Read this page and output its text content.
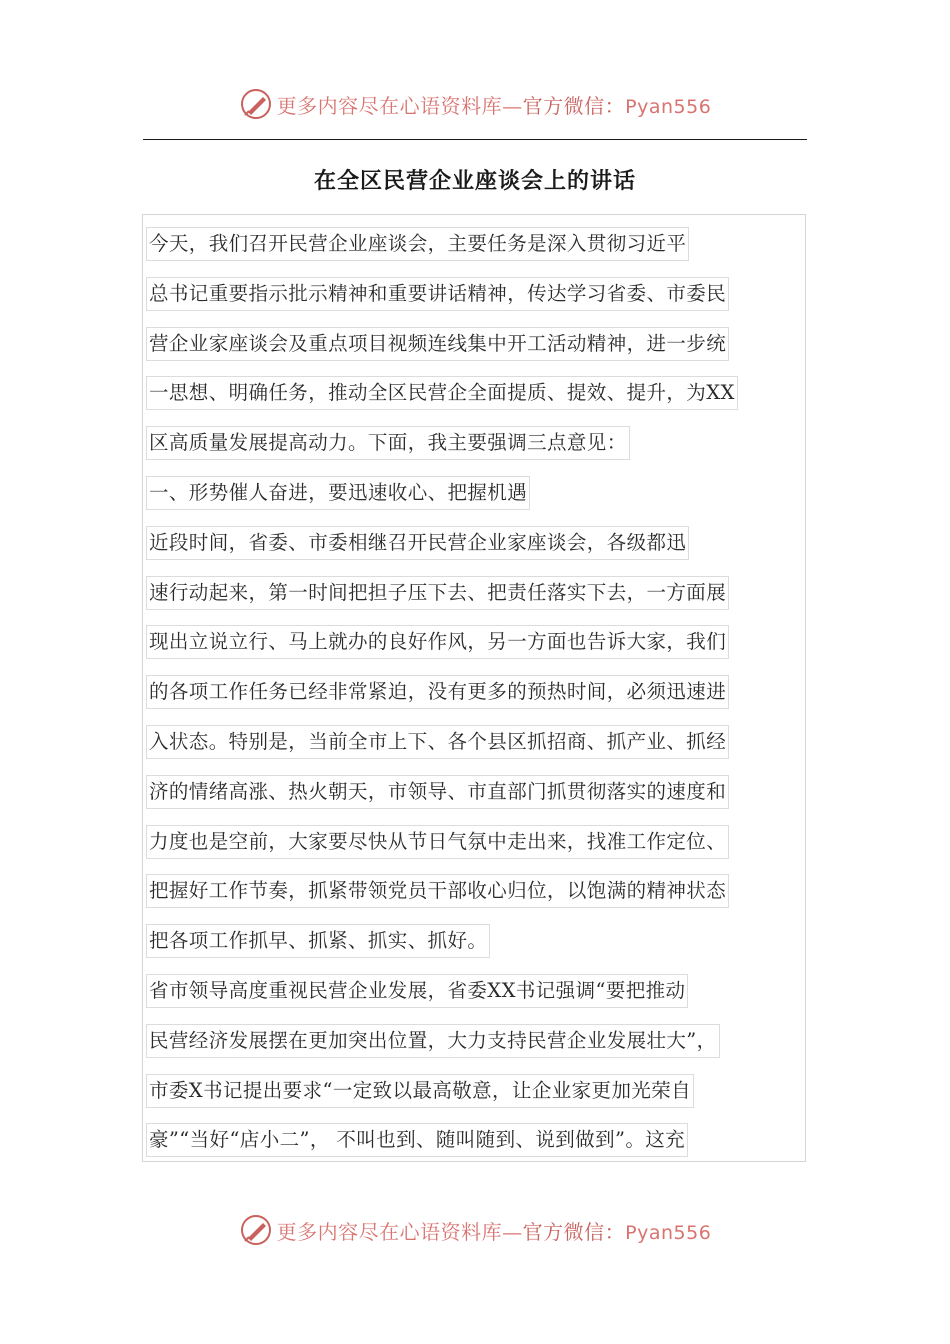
更多内容尽在心语资料库—官方微信：Pyan556
在全区民营企业座谈会上的讲话
今天，我们召开民营企业座谈会，主要任务是深入贯彻习近平
总书记重要指示批示精神和重要讲话精神，传达学习省委、市委民
营企业家座谈会及重点项目视频连线集中开工活动精神，进一步统
一思想、明确任务，推动全区民营企全面提质、提效、提升，为XX
区高质量发展提高动力。下面，我主要强调三点意见：
一、形势催人奋进，要迅速收心、把握机遇
近段时间，省委、市委相继召开民营企业家座谈会，各级都迅
速行动起来，第一时间把担子压下去、把责任落实下去，一方面展
现出立说立行、马上就办的良好作风，另一方面也告诉大家，我们
的各项工作任务已经非常紧迫，没有更多的预热时间，必须迅速进
入状态。特别是，当前全市上下、各个县区抓招商、抓产业、抓经
济的情绪高涨、热火朝天，市领导、市直部门抓贯彻落实的速度和
力度也是空前，大家要尽快从节日气氛中走出来，找准工作定位、
把握好工作节奏，抓紧带领党员干部收心归位，以饱满的精神状态
把各项工作抓早、抓紧、抓实、抓好。
省市领导高度重视民营企业发展，省委XX书记强调“要把推动
民营经济发展摆在更加突出位置，大力支持民营企业发展壮大”，
市委X书记提出要求“一定致以最高敬意，让企业家更加光荣自
豪”“当好“店小二”， 不叫也到、随叫随到、说到做到”。这充
更多内容尽在心语资料库—官方微信：Pyan556
